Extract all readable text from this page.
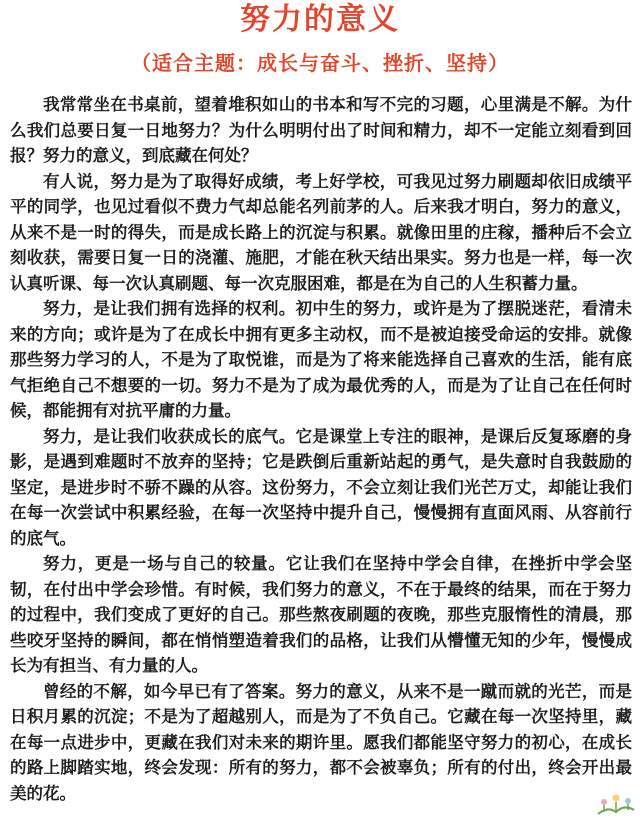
努力的意义
（适合主题：成长与奋斗、挫折、坚持）

我常常坐在书桌前，望着堆积如山的书本和写不完的习题，心里满是不解。为什么我们总要日复一日地努力？为什么明明付出了时间和精力，却不一定能立刻看到回报？努力的意义，到底藏在何处？

有人说，努力是为了取得好成绩，考上好学校，可我见过努力刷题却依旧成绩平平的同学，也见过看似不费力气却总能名列前茅的人。后来我才明白，努力的意义，从来不是一时的得失，而是成长路上的沉淀与积累。就像田里的庄稼，播种后不会立刻收获，需要日复一日的浇灌、施肥，才能在秋天结出果实。努力也是一样，每一次认真听课、每一次认真刷题、每一次克服困难，都是在为自己的人生积蓄力量。

努力，是让我们拥有选择的权利。初中生的努力，或许是为了摆脱迷茫，看清未来的方向；或许是为了在成长中拥有更多主动权，而不是被迫接受命运的安排。就像那些努力学习的人，不是为了取悦谁，而是为了将来能选择自己喜欢的生活，能有底气拒绝自己不想要的一切。努力不是为了成为最优秀的人，而是为了让自己在任何时候，都能拥有对抗平庸的力量。

努力，是让我们收获成长的底气。它是课堂上专注的眼神，是课后反复琢磨的身影，是遇到难题时不放弃的坚持；它是跌倒后重新站起的勇气，是失意时自我鼓励的坚定，是进步时不骄不躁的从容。这份努力，不会立刻让我们光芒万丈，却能让我们在每一次尝试中积累经验，在每一次坚持中提升自己，慢慢拥有直面风雨、从容前行的底气。

努力，更是一场与自己的较量。它让我们在坚持中学会自律，在挫折中学会坚韧，在付出中学会珍惜。有时候，我们努力的意义，不在于最终的结果，而在于努力的过程中，我们变成了更好的自己。那些熬夜刷题的夜晚，那些克服惰性的清晨，那些咬牙坚持的瞬间，都在悄悄塑造着我们的品格，让我们从懵懂无知的少年，慢慢成长为有担当、有力量的人。

曾经的不解，如今早已有了答案。努力的意义，从来不是一蹴而就的光芒，而是日积月累的沉淀；不是为了超越别人，而是为了不负自己。它藏在每一次坚持里，藏在每一点进步中，更藏在我们对未来的期许里。愿我们都能坚守努力的初心，在成长的路上脚踏实地，终会发现：所有的努力，都不会被辜负；所有的付出，终会开出最美的花。
